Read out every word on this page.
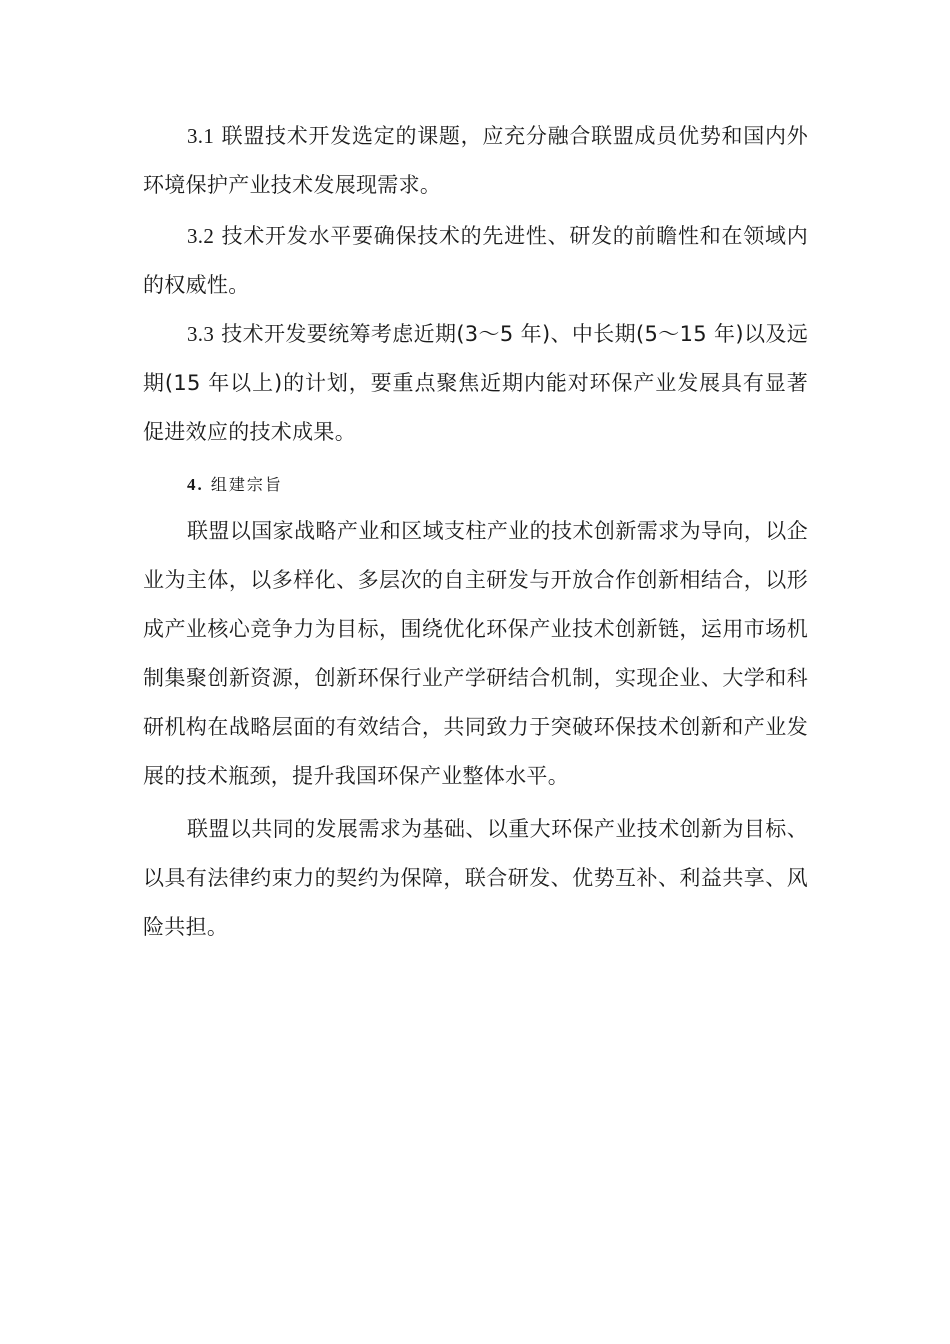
3.1 联盟技术开发选定的课题，应充分融合联盟成员优势和国内外环境保护产业技术发展现需求。

3.2 技术开发水平要确保技术的先进性、研发的前瞻性和在领域内的权威性。

3.3 技术开发要统筹考虑近期(3～5 年)、中长期(5～15 年)以及远期(15 年以上)的计划，要重点聚焦近期内能对环保产业发展具有显著促进效应的技术成果。

4. 组建宗旨

联盟以国家战略产业和区域支柱产业的技术创新需求为导向，以企业为主体，以多样化、多层次的自主研发与开放合作创新相结合，以形成产业核心竞争力为目标，围绕优化环保产业技术创新链，运用市场机制集聚创新资源，创新环保行业产学研结合机制，实现企业、大学和科研机构在战略层面的有效结合，共同致力于突破环保技术创新和产业发展的技术瓶颈，提升我国环保产业整体水平。

联盟以共同的发展需求为基础、以重大环保产业技术创新为目标、以具有法律约束力的契约为保障，联合研发、优势互补、利益共享、风险共担。
